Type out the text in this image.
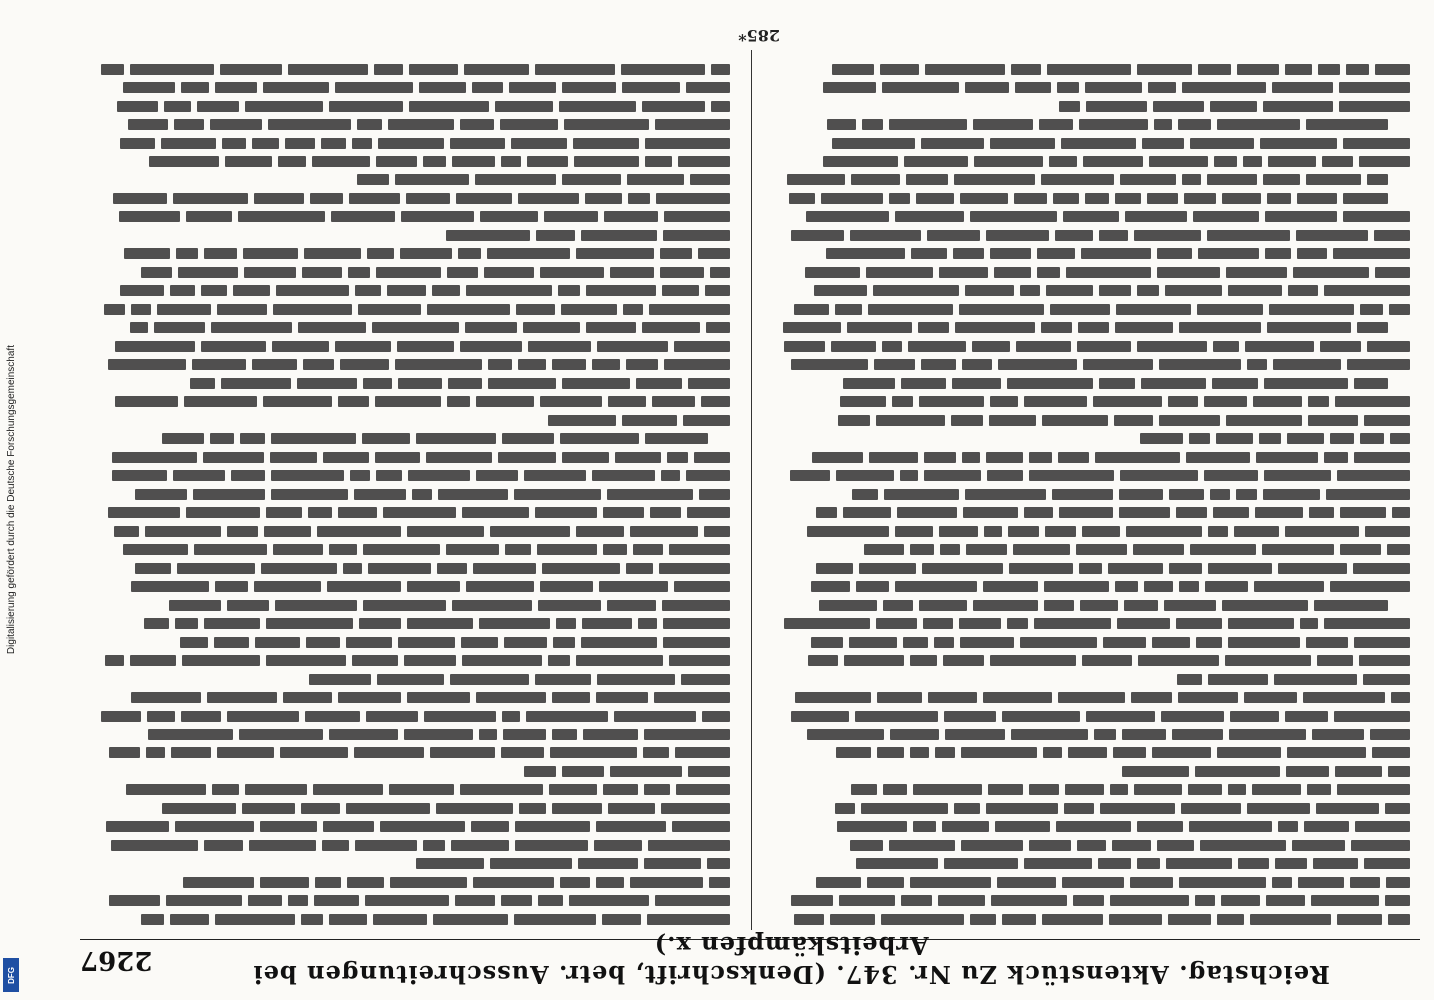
Digitalisierung gefördert durch die Deutsche Forschungsgemeinschaft
DFG	Reichstag. Aktenstück Zu Nr. 347. (Denkschrift, betr. Ausschreitungen bei Arbeitskämpfen x.)
2267
285*
